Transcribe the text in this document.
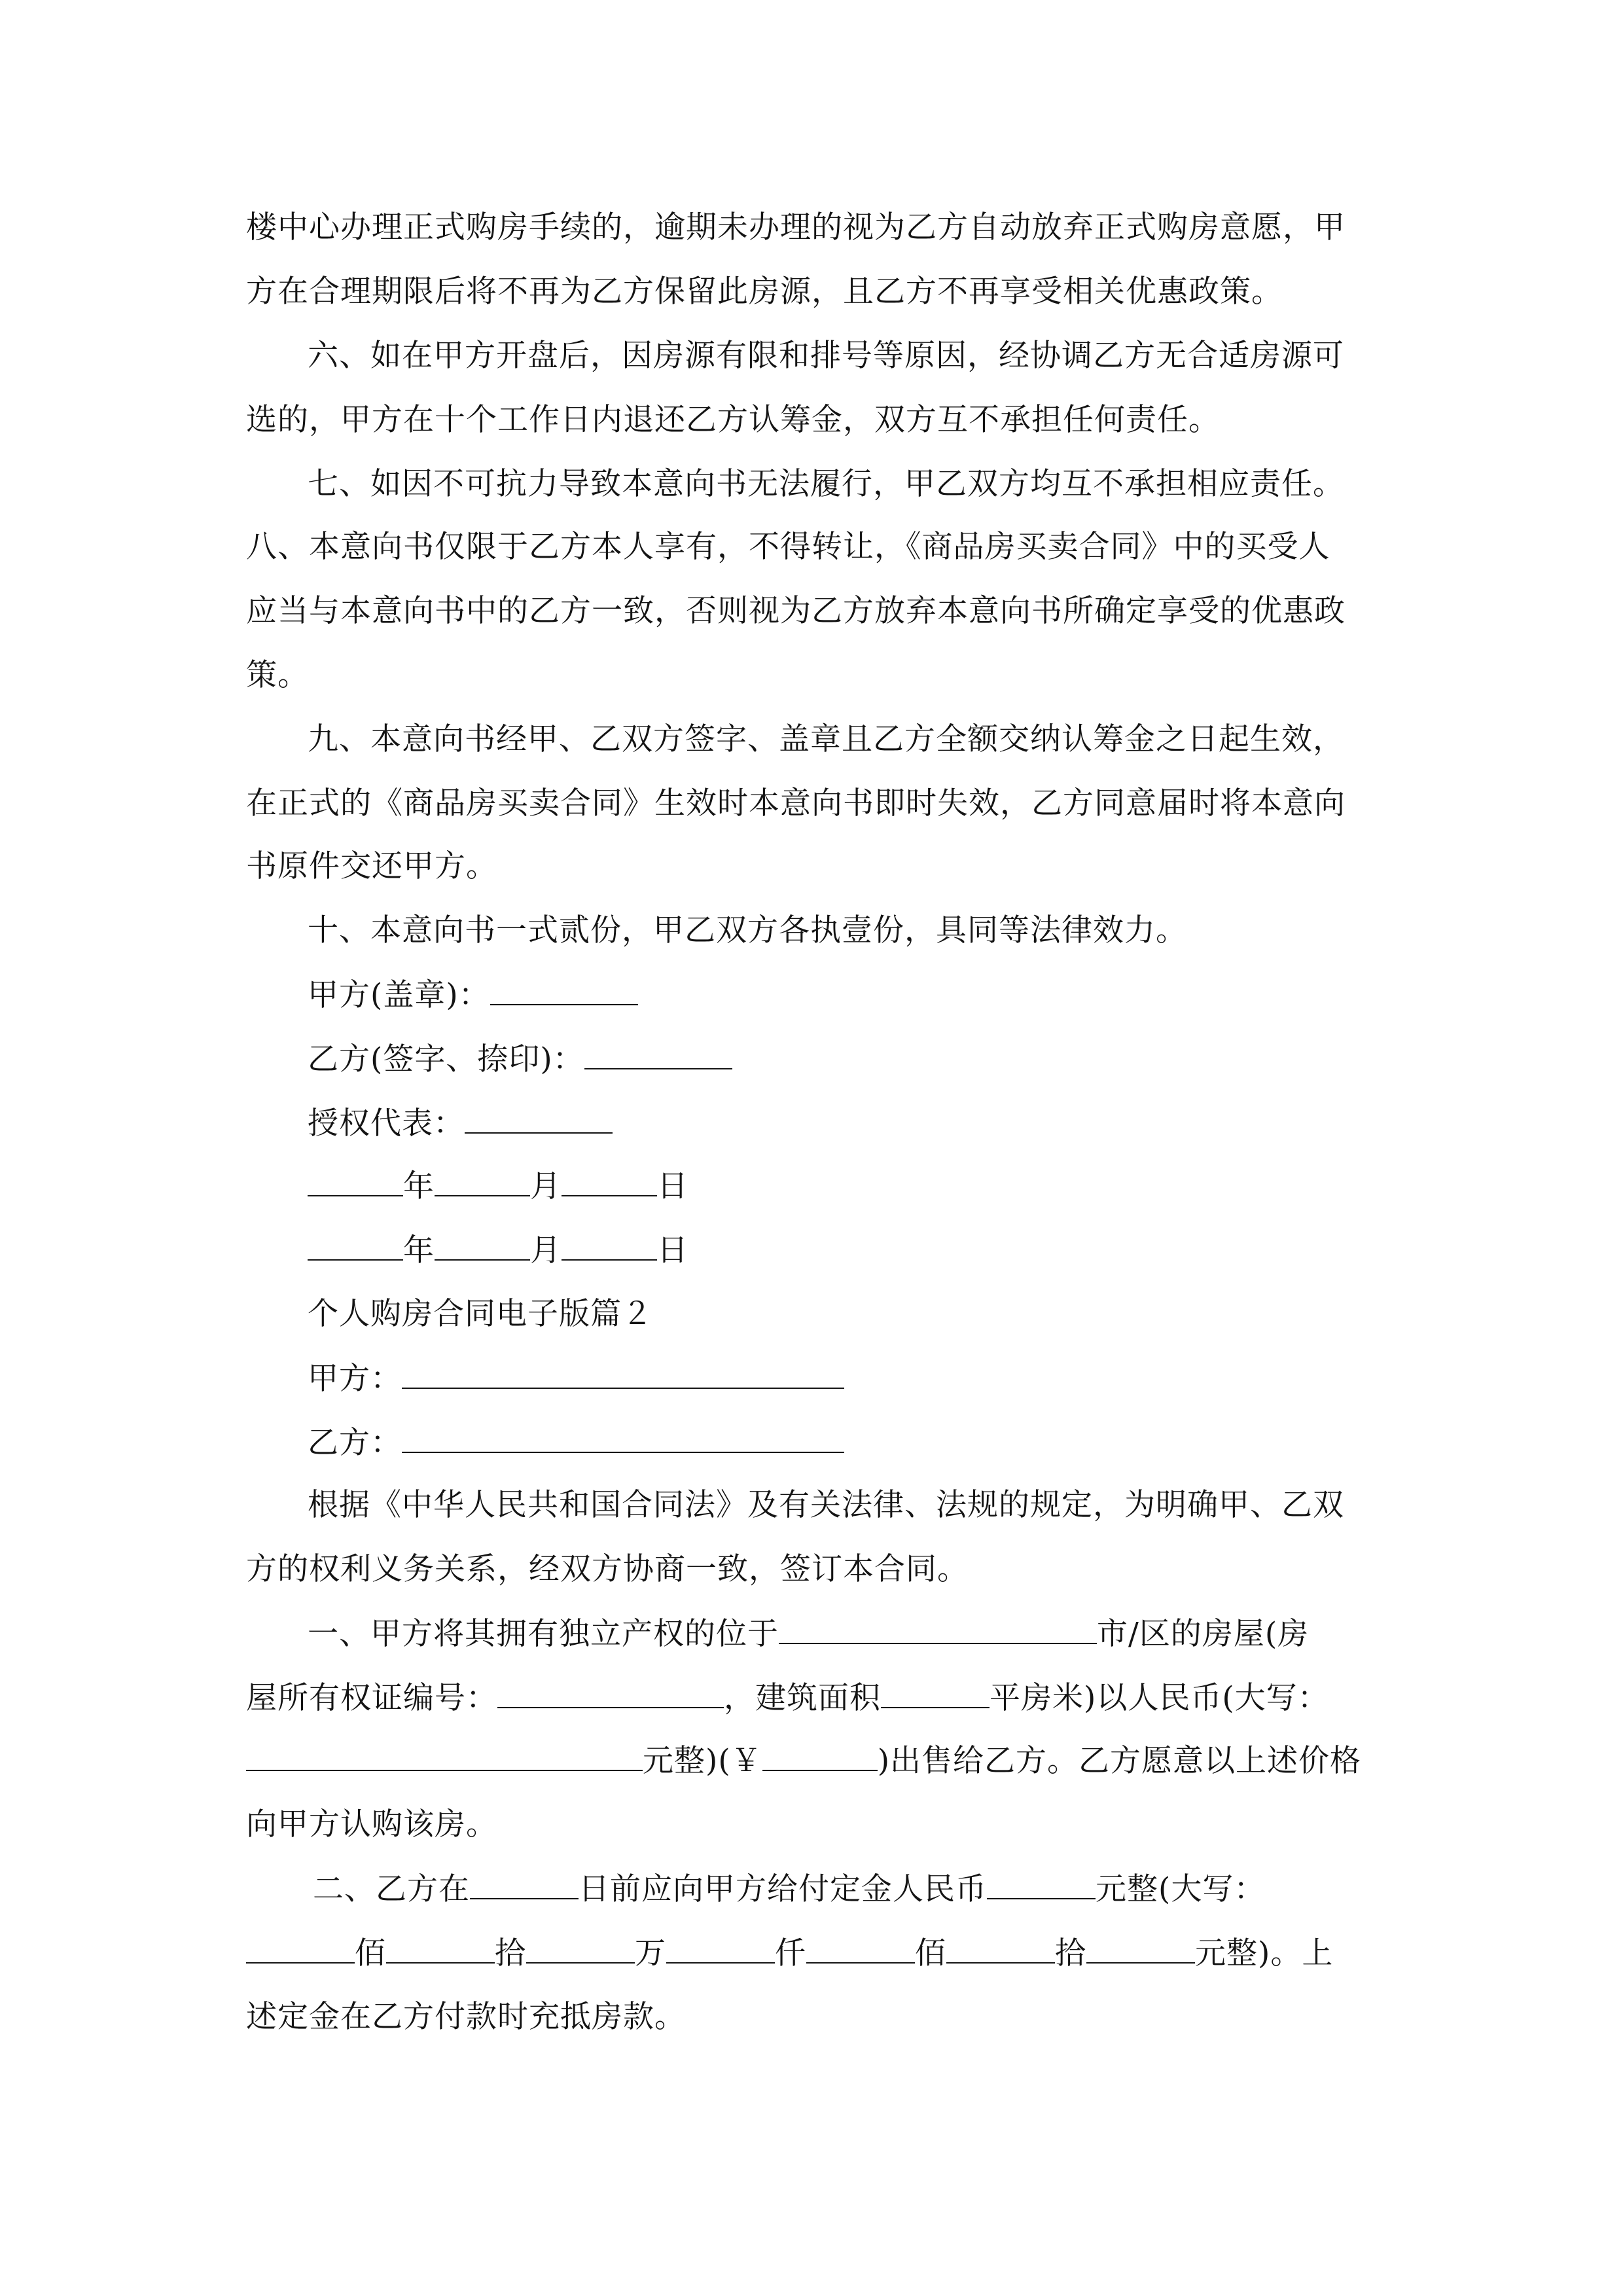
楼中心办理正式购房手续的，逾期未办理的视为乙方自动放弃正式购房意愿，甲
方在合理期限后将不再为乙方保留此房源，且乙方不再享受相关优惠政策。
六、如在甲方开盘后，因房源有限和排号等原因，经协调乙方无合适房源可
选的，甲方在十个工作日内退还乙方认筹金，双方互不承担任何责任。
七、如因不可抗力导致本意向书无法履行，甲乙双方均互不承担相应责任。
八、本意向书仅限于乙方本人享有，不得转让，《商品房买卖合同》中的买受人
应当与本意向书中的乙方一致，否则视为乙方放弃本意向书所确定享受的优惠政
策。
九、本意向书经甲、乙双方签字、盖章且乙方全额交纳认筹金之日起生效，
在正式的《商品房买卖合同》生效时本意向书即时失效，乙方同意届时将本意向
书原件交还甲方。
十、本意向书一式贰份，甲乙双方各执壹份，具同等法律效力。
甲方(盖章)：
乙方(签字、捺印)：
授权代表：
年	月	日
年	月	日
个人购房合同电子版篇２
甲方：
乙方：
根据《中华人民共和国合同法》及有关法律、法规的规定，为明确甲、乙双
方的权利义务关系，经双方协商一致，签订本合同。
一、甲方将其拥有独立产权的位于	市/区的房屋(房
屋所有权证编号：	，建筑面积	平房米)以人民币(大写：
元整)(￥	)出售给乙方。乙方愿意以上述价格
向甲方认购该房。
二、乙方在	日前应向甲方给付定金人民币	元整(大写：
佰	拾	万	仟	佰	拾	元整)。上
述定金在乙方付款时充抵房款。
